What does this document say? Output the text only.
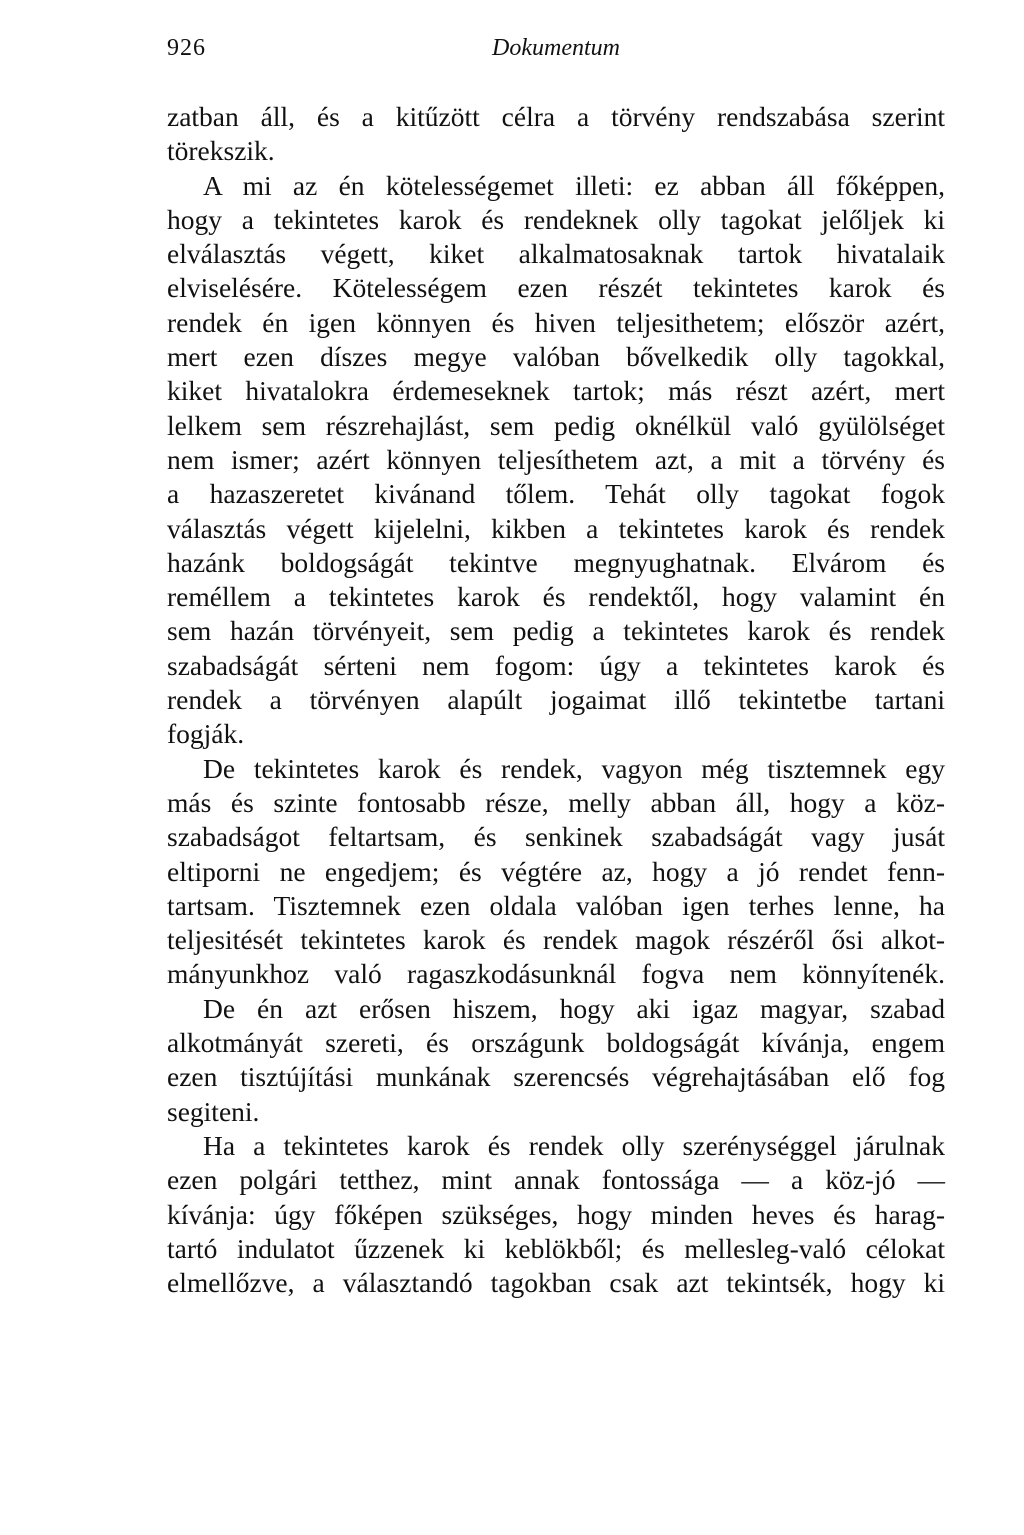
926	Dokumentum
zatban áll, és a kitűzött célra a törvény rendszabása szerint
törekszik.
A mi az én kötelességemet illeti: ez abban áll főképpen,
hogy a tekintetes karok és rendeknek olly tagokat jelőljek ki
elválasztás végett, kiket alkalmatosaknak tartok hivatalaik
elviselésére. Kötelességem ezen részét tekintetes karok és
rendek én igen könnyen és hiven teljesithetem; először azért,
mert ezen díszes megye valóban bővelkedik olly tagokkal,
kiket hivatalokra érdemeseknek tartok; más részt azért, mert
lelkem sem részrehajlást, sem pedig oknélkül való gyülölséget
nem ismer; azért könnyen teljesíthetem azt, a mit a törvény és
a hazaszeretet kivánand tőlem. Tehát olly tagokat fogok
választás végett kijelelni, kikben a tekintetes karok és rendek
hazánk boldogságát tekintve megnyughatnak. Elvárom és
reméllem a tekintetes karok és rendektől, hogy valamint én
sem hazán törvényeit, sem pedig a tekintetes karok és rendek
szabadságát sérteni nem fogom: úgy a tekintetes karok és
rendek a törvényen alapúlt jogaimat illő tekintetbe tartani
fogják.
De tekintetes karok és rendek, vagyon még tisztemnek egy
más és szinte fontosabb része, melly abban áll, hogy a köz-
szabadságot feltartsam, és senkinek szabadságát vagy jusát
eltiporni ne engedjem; és végtére az, hogy a jó rendet fenn-
tartsam. Tisztemnek ezen oldala valóban igen terhes lenne, ha
teljesitését tekintetes karok és rendek magok részéről ősi alkot-
mányunkhoz való ragaszkodásunknál fogva nem könnyítenék.
De én azt erősen hiszem, hogy aki igaz magyar, szabad
alkotmányát szereti, és országunk boldogságát kívánja, engem
ezen tisztújítási munkának szerencsés végrehajtásában elő fog
segiteni.
Ha a tekintetes karok és rendek olly szerénységgel járulnak
ezen polgári tetthez, mint annak fontossága — a köz-jó —
kívánja: úgy főképen szükséges, hogy minden heves és harag-
tartó indulatot űzzenek ki keblökből; és mellesleg-való célokat
elmellőzve, a választandó tagokban csak azt tekintsék, hogy ki
